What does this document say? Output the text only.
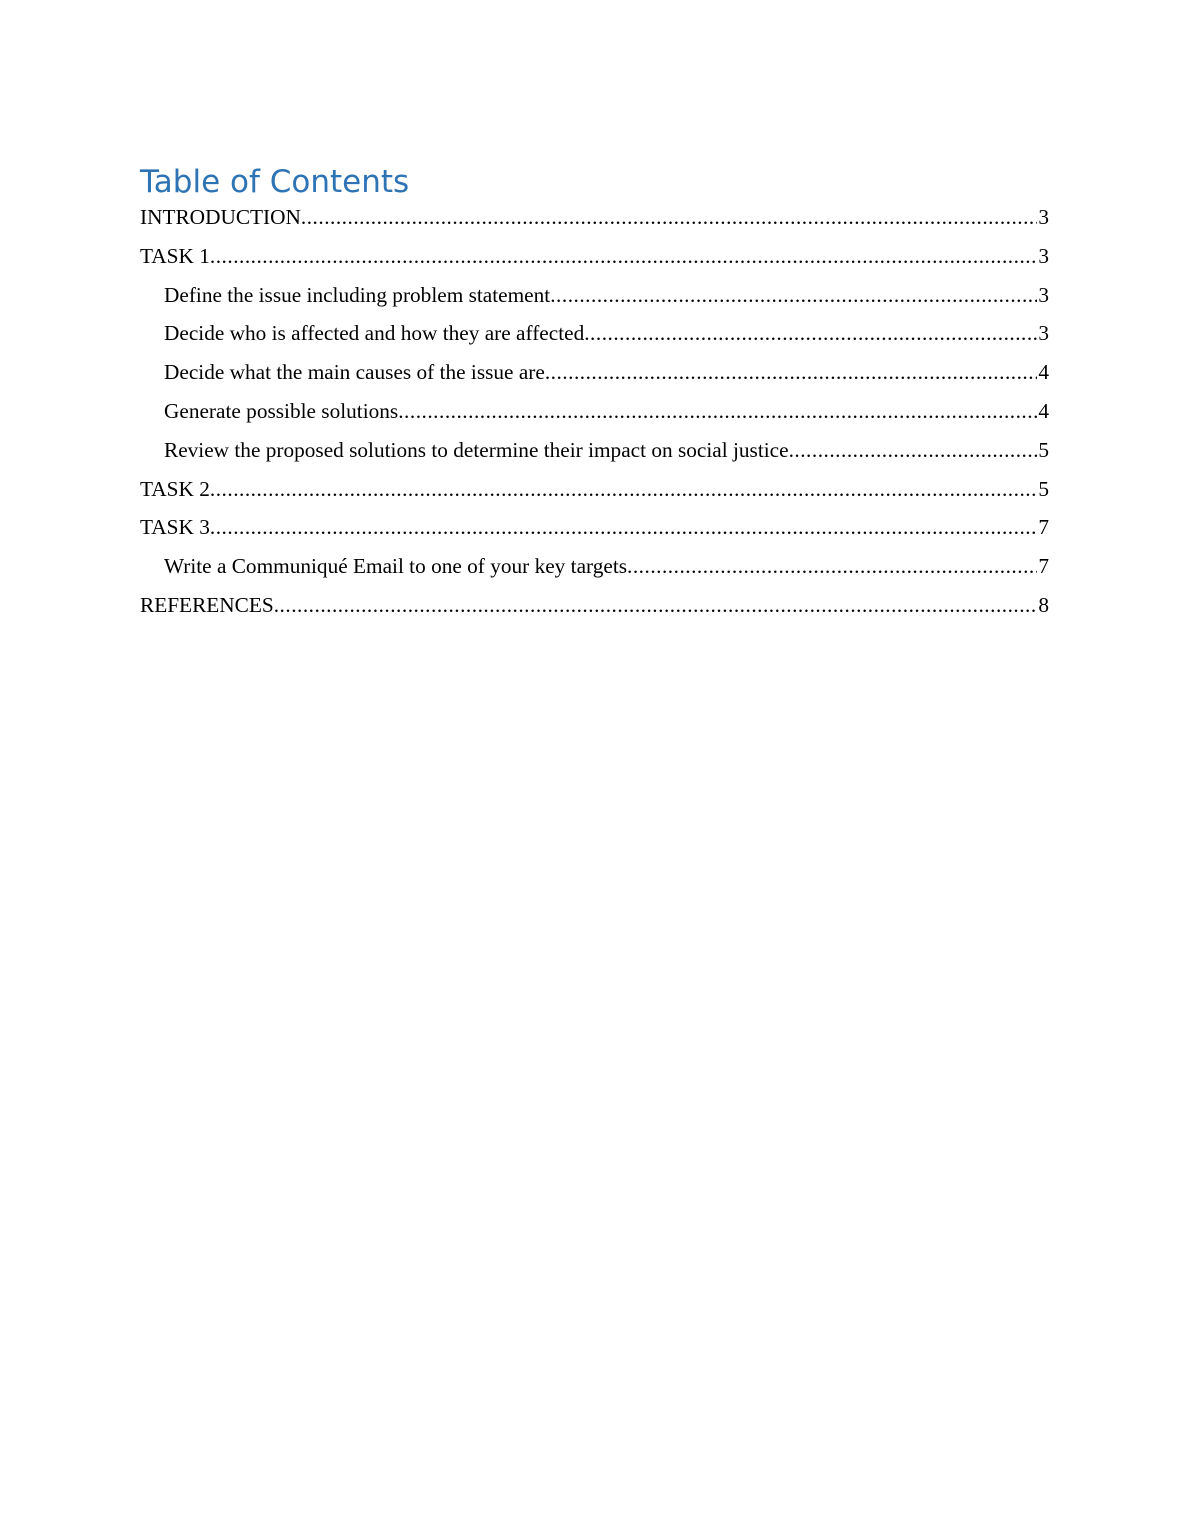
Table of Contents
INTRODUCTION .....	3
TASK 1 .....	3
Define the issue including problem statement .....	3
Decide who is affected and how they are affected .....	3
Decide what the main causes of the issue are .....	4
Generate possible solutions .....	4
Review the proposed solutions to determine their impact on social justice .....	5
TASK 2 .....	5
TASK 3 .....	7
Write a Communiqué Email to one of your key targets .....	7
REFERENCES .....	8
